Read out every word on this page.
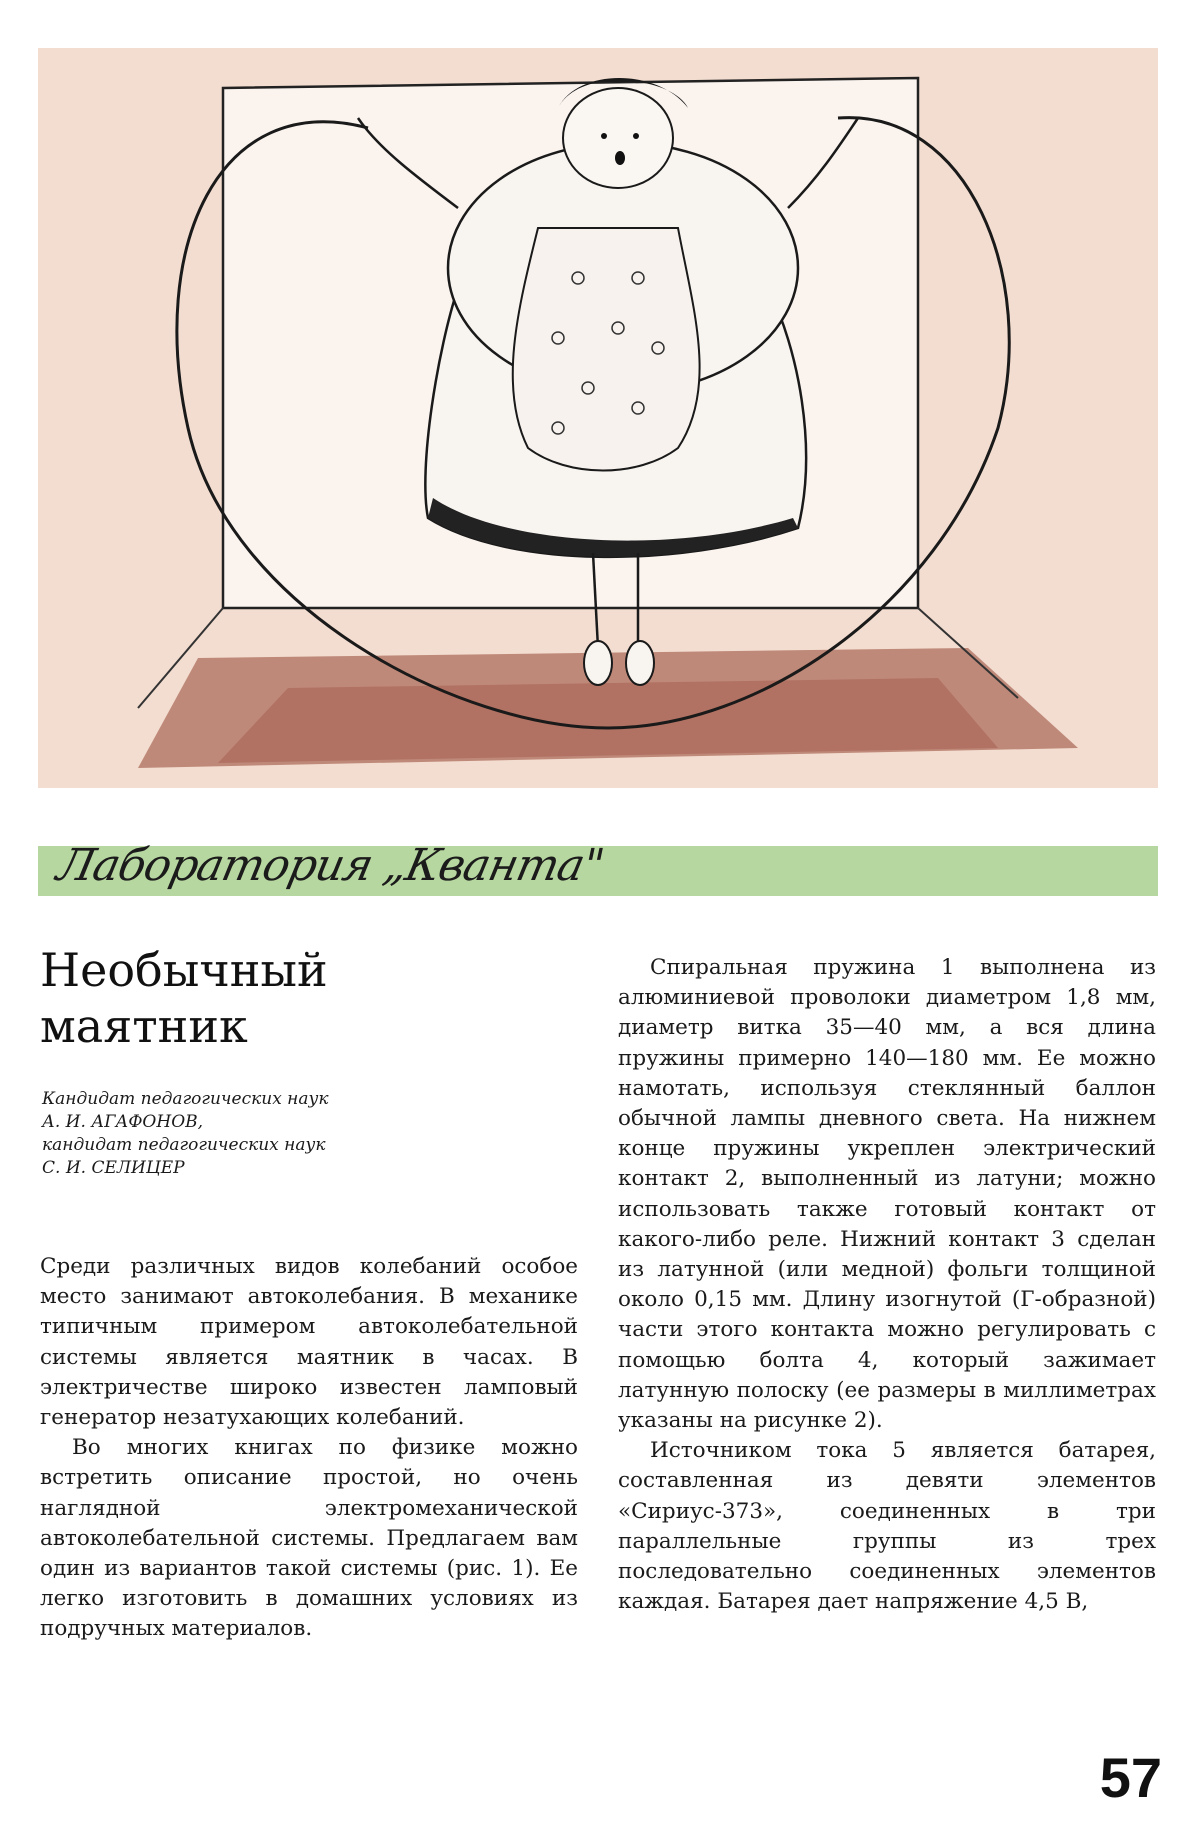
Лаборатория „Кванта"
Необычный
маятник
Кандидат педагогических наук
А. И. АГАФОНОВ,
кандидат педагогических наук
С. И. СЕЛИЦЕР

Среди различных видов колебаний особое место занимают автоколебания. В механике типичным примером автоколебательной системы является маятник в часах. В электричестве широко известен ламповый генератор незатухающих колебаний.

Во многих книгах по физике можно встретить описание простой, но очень наглядной электромеханической автоколебательной системы. Предлагаем вам один из вариантов такой системы (рис. 1). Ее легко изготовить в домашних условиях из подручных материалов.

Спиральная пружина 1 выполнена из алюминиевой проволоки диаметром 1,8 мм, диаметр витка 35—40 мм, а вся длина пружины примерно 140—180 мм. Ее можно намотать, используя стеклянный баллон обычной лампы дневного света. На нижнем конце пружины укреплен электрический контакт 2, выполненный из латуни; можно использовать также готовый контакт от какого-либо реле. Нижний контакт 3 сделан из латунной (или медной) фольги толщиной около 0,15 мм. Длину изогнутой (Г-образной) части этого контакта можно регулировать с помощью болта 4, который зажимает латунную полоску (ее размеры в миллиметрах указаны на рисунке 2).

Источником тока 5 является батарея, составленная из девяти элементов «Сириус-373», соединенных в три параллельные группы из трех последовательно соединенных элементов каждая. Батарея дает напряжение 4,5 В,

57
